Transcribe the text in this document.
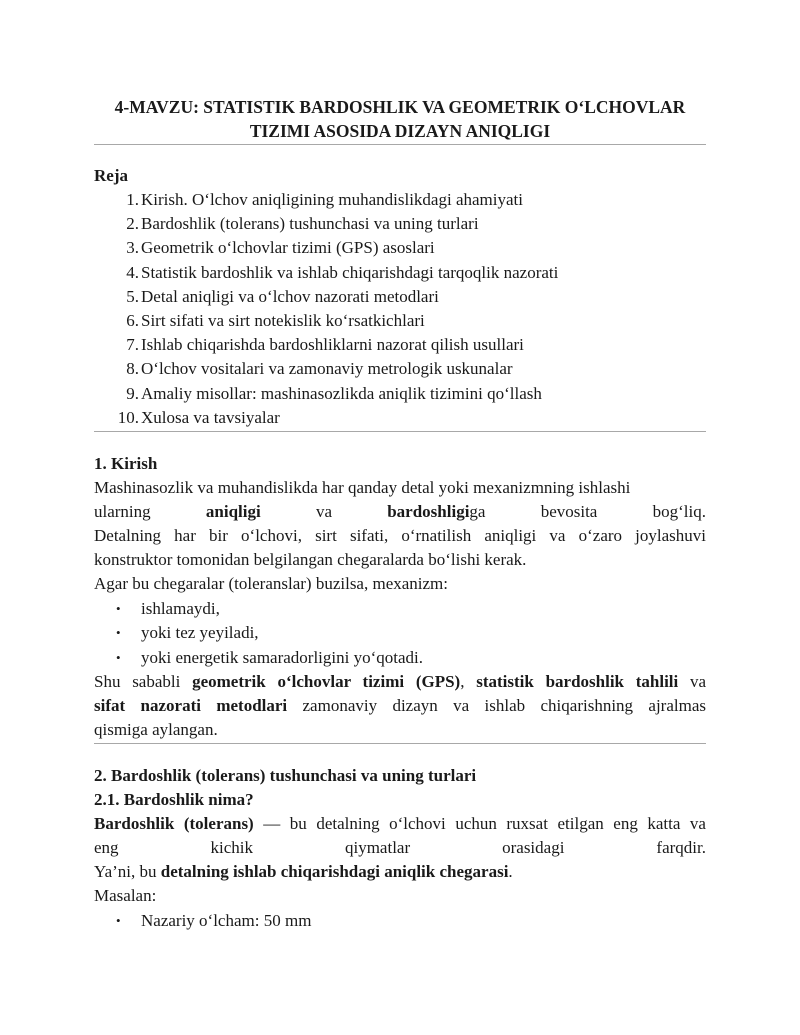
4-MAVZU: STATISTIK BARDOSHLIK VA GEOMETRIK O‘LCHOVLAR
TIZIMI ASOSIDA DIZAYN ANIQLIGI
Reja
1. Kirish. O‘lchov aniqligining muhandislikdagi ahamiyati
2. Bardoshlik (tolerans) tushunchasi va uning turlari
3. Geometrik o‘lchovlar tizimi (GPS) asoslari
4. Statistik bardoshlik va ishlab chiqarishdagi tarqoqlik nazorati
5. Detal aniqligi va o‘lchov nazorati metodlari
6. Sirt sifati va sirt notekislik ko‘rsatkichlari
7. Ishlab chiqarishda bardoshliklarni nazorat qilish usullari
8. O‘lchov vositalari va zamonaviy metrologik uskunalar
9. Amaliy misollar: mashinasozlikda aniqlik tizimini qo‘llash
10. Xulosa va tavsiyalar
1. Kirish
Mashinasozlik va muhandislikda har qanday detal yoki mexanizmning ishlashi
ularning	aniqligi	va	bardoshligiga	bevosita	bog‘liq.
Detalning har bir o‘lchovi, sirt sifati, o‘rnatilish aniqligi va o‘zaro joylashuvi
konstruktor tomonidan belgilangan chegaralarda bo‘lishi kerak.
Agar bu chegaralar (toleranslar) buzilsa, mexanizm:
• ishlamaydi,
• yoki tez yeyiladi,
• yoki energetik samaradorligini yo‘qotadi.
Shu sababli geometrik o‘lchovlar tizimi (GPS), statistik bardoshlik tahlili va
sifat nazorati metodlari zamonaviy dizayn va ishlab chiqarishning ajralmas
qismiga aylangan.
2. Bardoshlik (tolerans) tushunchasi va uning turlari
2.1. Bardoshlik nima?
Bardoshlik (tolerans) — bu detalning o‘lchovi uchun ruxsat etilgan eng katta va
eng	kichik	qiymatlar	orasidagi	farqdir.
Ya’ni, bu detalning ishlab chiqarishdagi aniqlik chegarasi.
Masalan:
• Nazariy o‘lcham: 50 mm
